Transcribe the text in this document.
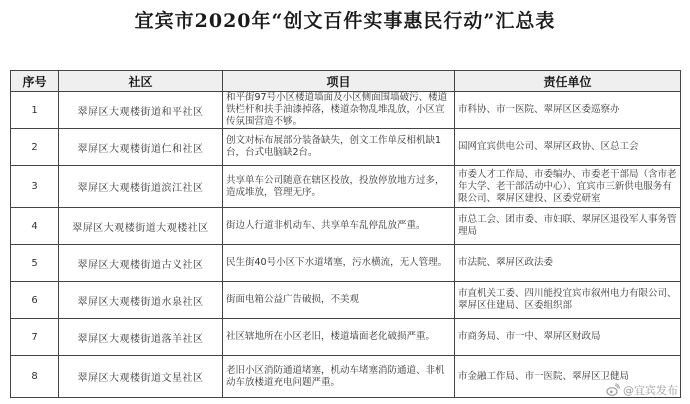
宜宾市2020年“创文百件实事惠民行动”汇总表
序号	社区	项目	责任单位
1	翠屏区大观楼街道和平社区	和平街97号小区楼道墙面及小区侧面围墙破污、楼道铁栏杆和扶手油漆掉落，楼道杂物乱堆乱放，小区宣传氛围营造不够。	市科协、市一医院、翠屏区区委巡察办
2	翠屏区大观楼街道仁和社区	创文对标布展部分装备缺失，创文工作单反相机缺1台，台式电脑缺2台。	国网宜宾供电公司、翠屏区政协、区总工会
3	翠屏区大观楼街道滨江社区	共享单车公司随意在辖区投放，投放停放地方过多，造成堆放，管理无序。	市委人才工作局、市委编办、市委老干部局（含市老年大学、老干部活动中心）、宜宾市三新供电服务有限公司、翠屏区建投、区委党研室
4	翠屏区大观楼街道大观楼社区	街边人行道非机动车、共享单车乱停乱放严重。	市总工会、团市委、市妇联、翠屏区退役军人事务管理局
5	翠屏区大观楼街道古义社区	民生街40号小区下水道堵塞，污水横流，无人管理。	市法院、翠屏区政法委
6	翠屏区大观楼街道水泉社区	街面电箱公益广告破损，不美观	市直机关工委、四川能投宜宾市叙州电力有限公司、翠屏区住建局、区委组织部
7	翠屏区大观楼街道落羊社区	社区辖地所在小区老旧，楼道墙面老化破损严重。	市商务局、市一中、翠屏区财政局
8	翠屏区大观楼街道文星社区	老旧小区消防通道堵塞，机动车堵塞消防通道、非机动车放楼道充电问题严重。	市金融工作局、市一医院、翠屏区卫健局
@宜宾发布
